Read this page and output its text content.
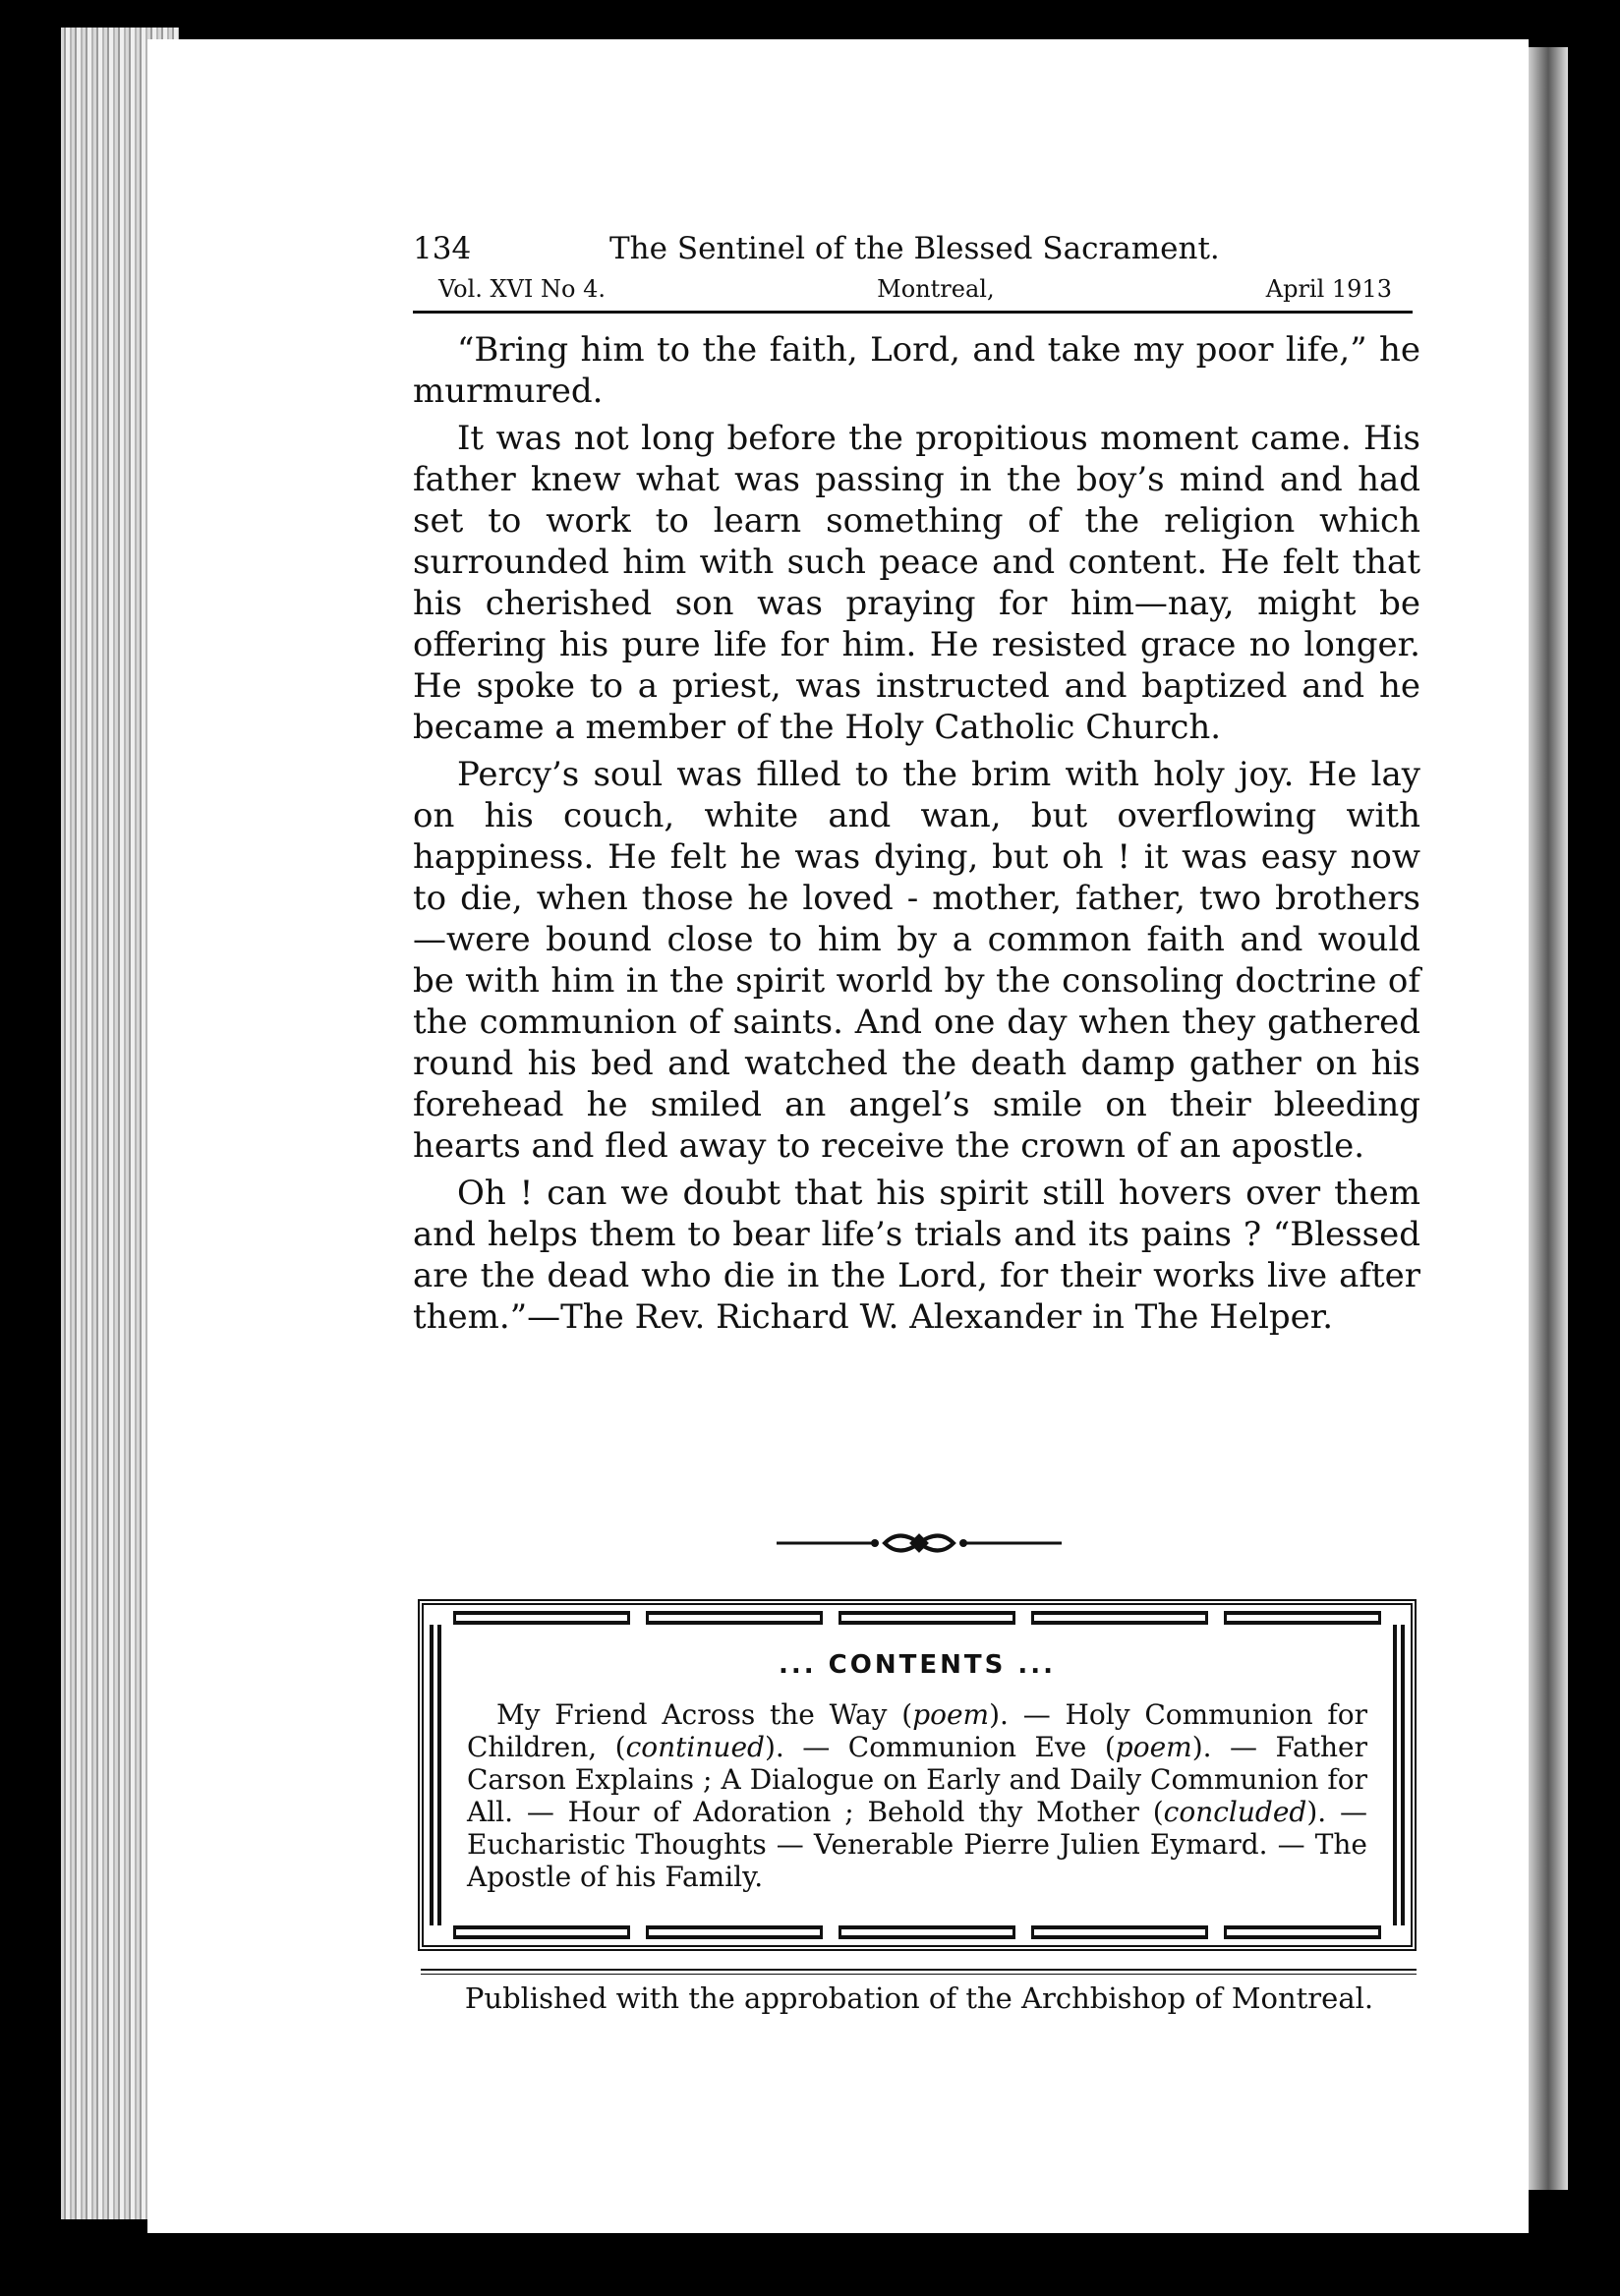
134	The Sentinel of the Blessed Sacrament.
Vol. XVI No 4.	Montreal,	April 1913

“Bring him to the faith, Lord, and take my poor life,” he murmured.

It was not long before the propitious moment came. His father knew what was passing in the boy’s mind and had set to work to learn something of the religion which surrounded him with such peace and content. He felt that his cherished son was praying for him—nay, might be offering his pure life for him. He resisted grace no longer. He spoke to a priest, was instructed and baptized and he became a member of the Holy Catholic Church.

Percy’s soul was filled to the brim with holy joy. He lay on his couch, white and wan, but overflowing with happiness. He felt he was dying, but oh ! it was easy now to die, when those he loved - mother, father, two brothers—were bound close to him by a common faith and would be with him in the spirit world by the consoling doctrine of the communion of saints. And one day when they gathered round his bed and watched the death damp gather on his forehead he smiled an angel’s smile on their bleeding hearts and fled away to receive the crown of an apostle.

Oh ! can we doubt that his spirit still hovers over them and helps them to bear life’s trials and its pains ? “Blessed are the dead who die in the Lord, for their works live after them.”—The Rev. Richard W. Alexander in The Helper.

... CONTENTS ...
My Friend Across the Way (poem). — Holy Communion for Children, (continued). — Communion Eve (poem). — Father Carson Explains ; A Dialogue on Early and Daily Communion for All. — Hour of Adoration ; Behold thy Mother (concluded). — Eucharistic Thoughts — Venerable Pierre Julien Eymard. — The Apostle of his Family.
Published with the approbation of the Archbishop of Montreal.
